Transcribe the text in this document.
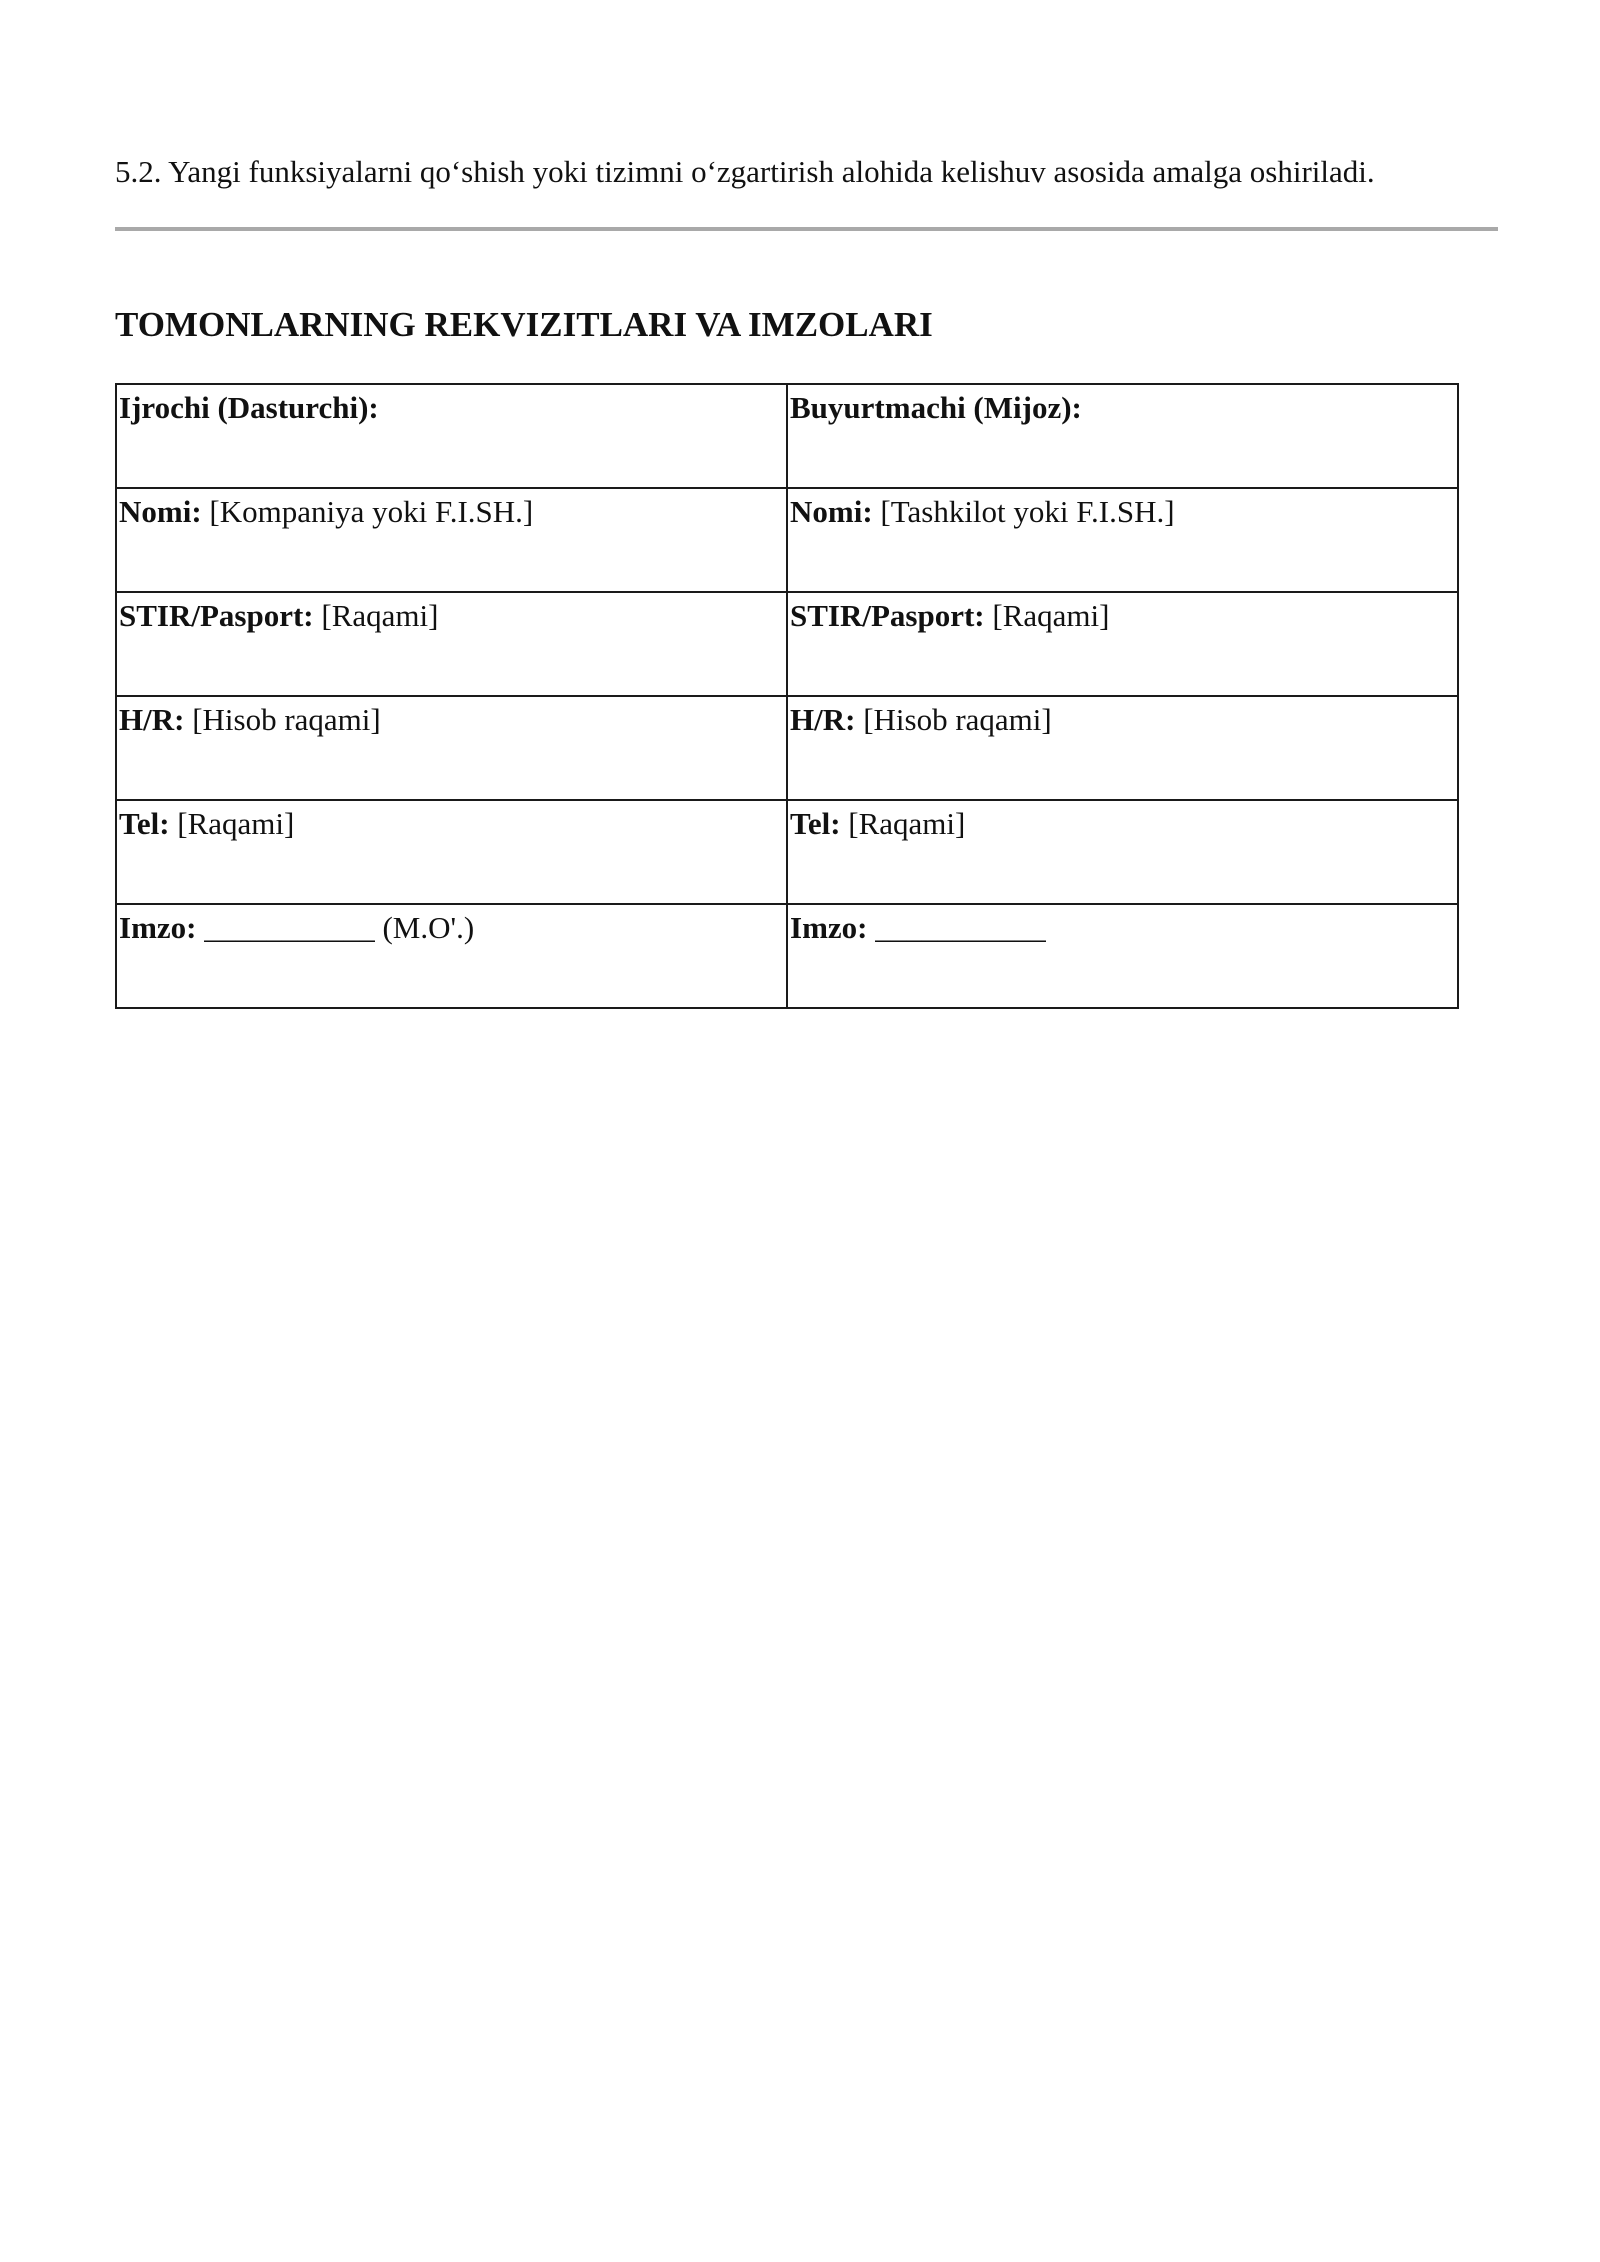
5.2. Yangi funksiyalarni qo‘shish yoki tizimni o‘zgartirish alohida kelishuv asosida amalga oshiriladi.
TOMONLARNING REKVIZITLARI VA IMZOLARI
Ijrochi (Dasturchi):	Buyurtmachi (Mijoz):
Nomi: [Kompaniya yoki F.I.SH.]	Nomi: [Tashkilot yoki F.I.SH.]
STIR/Pasport: [Raqami]	STIR/Pasport: [Raqami]
H/R: [Hisob raqami]	H/R: [Hisob raqami]
Tel: [Raqami]	Tel: [Raqami]
Imzo: ___________ (M.O'.)	Imzo: ___________
